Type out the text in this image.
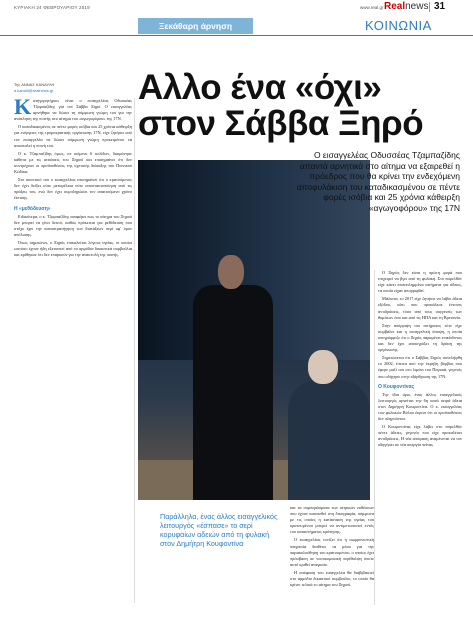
ΚΥΡΙΑΚΗ 24 ΦΕΒΡΟΥΑΡΙΟΥ 2019	www.real.gr Realnews 31
Ξεκάθαρη άρνηση	ΚΟΙΝΩΝΙΑ
Της ΑΝΝΑΣ ΚΑΝΔΥΛΗ
a.kandili@realnews.gr Αλλο ένα «όχι»
στον Σάββα Ξηρό

Κατηγορητήριο» είναι ο εισαγγελέας Οδυσσέας Τζαμπαζίδης για τον Σάββα Ξηρό. Ο εισαγγελέας αρνήθηκε να δώσει τη σύμφωνη γνώμη του για την ανάκληση της ποινής στο αίτημα του «αγωγοφόρου» της 17Ν.

Ο καταδικασμένος σε πέντε φορές ισόβια και 25 χρόνια κάθειρξη για ενέργειες της τρομοκρατικής οργάνωσης 17Ν, είχε ζητήσει από τον εισαγγελέα να δώσει σύμφωνη γνώμη προκειμένου να ανασταλεί η ποινή του.

Ο κ. Τζαμπαζίδης όμως, σε κείμενο 6 σελίδων, διαφώνησε κάθετα με τις αιτιάσεις του Ξηρού και επισημαίνει ότι δεν συντρέχουν οι προϋποθέσεις της σχετικής διάταξης του Ποινικού Κώδικα.

Στο σκεπτικό του ο εισαγγελέας επισημαίνει ότι ο κρατούμενος δεν έχει δείξει ούτε μεταμέλεια ούτε αποστασιοποίηση από τις πράξεις του, ενώ δεν έχει συμπληρώσει τον απαιτούμενο χρόνο έκτισης.

Η «μεθόδευση»

Ειδικότερα, ο κ. Τζαμπαζίδης αναφέρει πως το αίτημα του Ξηρού δεν μπορεί να γίνει δεκτό, καθώς πρόκειται για μεθόδευση που στόχο έχει την καταστρατήγηση των διατάξεων περί υφ' όρον απόλυσης.

Όπως σημειώνει, ο Ξηρός επικαλείται λόγους υγείας, οι οποίοι ωστόσο έχουν ήδη εξεταστεί από τα αρμόδια δικαστικά συμβούλια και κρίθηκαν ότι δεν επαρκούν για την αναστολή της ποινής.

Ο εισαγγελέας Οδυσσέας Τζαμπαζίδης απαντά αρνητικά στο αίτημα να εξαιρεθεί η πρόεδρος που θα κρίνει την ενδεχόμενη αποφυλάκιση του καταδικασμένου σε πέντε φορές ισόβια και 25 χρόνια κάθειρξη «αγωγοφόρου» της 17Ν

Ο Ξηρός δεν είναι η πρώτη φορά που επιχειρεί να βγει από τη φυλακή. Στο παρελθόν είχε κάνει επανειλημμένα αιτήματα για άδειες, τα οποία είχαν απορριφθεί.

Μάλιστα, το 2017 είχε ζητήσει να λάβει άδεια εξόδου, κάτι που προκάλεσε έντονες αντιδράσεις, τόσο από τους συγγενείς των θυμάτων όσο και από τις ΗΠΑ και τη Βρετανία.

Στην απόρριψη του αιτήματος τότε είχε συμβάλει και η εισαγγελική άποψη, η οποία υπογράμμιζε ότι ο Ξηρός παραμένει επικίνδυνος και δεν έχει αποκηρύξει τη δράση της οργάνωσης.

Σημειώνεται ότι ο Σάββας Ξηρός συνελήφθη το 2002, έπειτα από την έκρηξη βόμβας που έφερε μαζί του στο λιμάνι του Πειραιά, γεγονός που οδήγησε στην εξάρθρωση της 17Ν.

Ο Κουφοντίνας

Την ίδια ώρα, ένας άλλος εισαγγελικός λειτουργός αρνείται την 6η κατά σειρά άδεια στον Δημήτρη Κουφοντίνα. Ο κ. εισαγγελέας των φυλακών Βόλου έκρινε ότι οι προϋποθέσεις δεν πληρούνται.

Ο Κουφοντίνας είχε λάβει στο παρελθόν πέντε άδειες, γεγονός που είχε προκαλέσει αντιδράσεις. Η νέα απόφαση αναμένεται να τον οδηγήσει σε νέα απεργία πείνας.

Παράλληλα, ένας άλλος εισαγγελικός λειτουργός «έσπασε» το σερί κορυφαίων αδειών από τη φυλακή στον Δημήτρη Κουφοντίνα

και τα συμπεράσματα των ιατρικών εκθέσεων που έχουν κατατεθεί στη δικογραφία, σύμφωνα με τις οποίες η κατάσταση της υγείας του κρατουμένου μπορεί να αντιμετωπιστεί εντός του καταστήματος κράτησης.

Ο εισαγγελέας τονίζει ότι η σωφρονιστική υπηρεσία διαθέτει τα μέσα για την παρακολούθηση του κρατουμένου, ο οποίος έχει πρόσβαση σε νοσοκομειακή περίθαλψη όποτε αυτό κριθεί αναγκαίο.

Η απόφαση του εισαγγελέα θα διαβιβαστεί στο αρμόδιο δικαστικό συμβούλιο, το οποίο θα κρίνει τελικά το αίτημα του Ξηρού.
